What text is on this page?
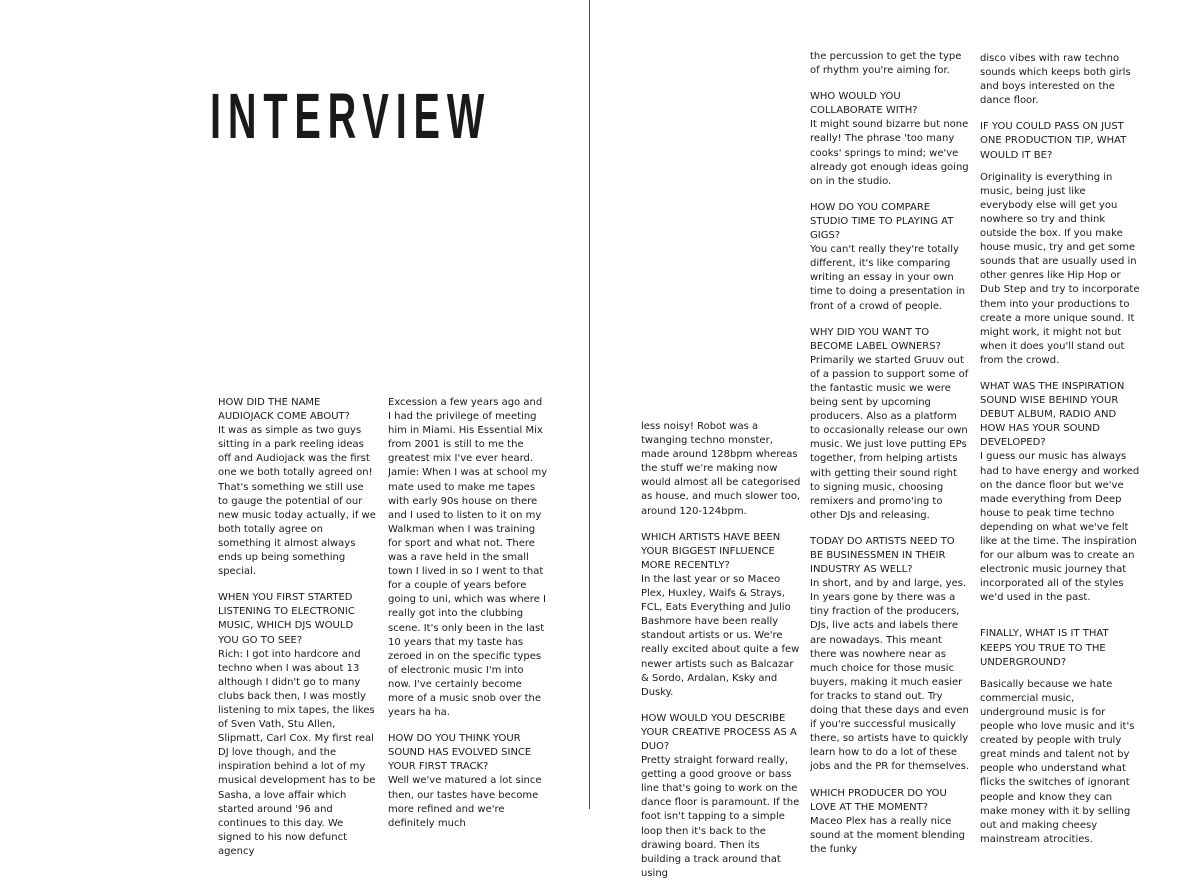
INTERVIEW

HOW DID THE NAME AUDIOJACK COME ABOUT?

It was as simple as two guys sitting in a park reeling ideas off and Audiojack was the first one we both totally agreed on! That's something we still use to gauge the potential of our new music today actually, if we both totally agree on something it almost always ends up being something special.

WHEN YOU FIRST STARTED LISTENING TO ELECTRONIC MUSIC, WHICH DJS WOULD YOU GO TO SEE?

Rich: I got into hardcore and techno when I was about 13 although I didn't go to many clubs back then, I was mostly listening to mix tapes, the likes of Sven Vath, Stu Allen, Slipmatt, Carl Cox. My first real DJ love though, and the inspiration behind a lot of my musical development has to be Sasha, a love affair which started around '96 and continues to this day. We signed to his now defunct agency

Excession a few years ago and I had the privilege of meeting him in Miami. His Essential Mix from 2001 is still to me the greatest mix I've ever heard.

Jamie: When I was at school my mate used to make me tapes with early 90s house on there and I used to listen to it on my Walkman when I was training for sport and what not. There was a rave held in the small town I lived in so I went to that for a couple of years before going to uni, which was where I really got into the clubbing scene. It's only been in the last 10 years that my taste has zeroed in on the specific types of electronic music I'm into now. I've certainly become more of a music snob over the years ha ha.

HOW DO YOU THINK YOUR SOUND HAS EVOLVED SINCE YOUR FIRST TRACK?

Well we've matured a lot since then, our tastes have become more refined and we're definitely much

less noisy! Robot was a twanging techno monster, made around 128bpm whereas the stuff we're making now would almost all be categorised as house, and much slower too, around 120-124bpm.

WHICH ARTISTS HAVE BEEN YOUR BIGGEST INFLUENCE MORE RECENTLY?

In the last year or so Maceo Plex, Huxley, Waifs & Strays, FCL, Eats Everything and Julio Bashmore have been really standout artists or us. We're really excited about quite a few newer artists such as Balcazar & Sordo, Ardalan, Ksky and Dusky.

HOW WOULD YOU DESCRIBE YOUR CREATIVE PROCESS AS A DUO?

Pretty straight forward really, getting a good groove or bass line that's going to work on the dance floor is paramount. If the foot isn't tapping to a simple loop then it's back to the drawing board. Then its building a track around that using

the percussion to get the type of rhythm you're aiming for.

WHO WOULD YOU COLLABORATE WITH?

It might sound bizarre but none really! The phrase 'too many cooks' springs to mind; we've already got enough ideas going on in the studio.

HOW DO YOU COMPARE STUDIO TIME TO PLAYING AT GIGS?

You can't really they're totally different, it's like comparing writing an essay in your own time to doing a presentation in front of a crowd of people.

WHY DID YOU WANT TO BECOME LABEL OWNERS?

Primarily we started Gruuv out of a passion to support some of the fantastic music we were being sent by upcoming producers. Also as a platform to occasionally release our own music. We just love putting EPs together, from helping artists with getting their sound right to signing music, choosing remixers and promo'ing to other DJs and releasing.

TODAY DO ARTISTS NEED TO BE BUSINESSMEN IN THEIR INDUSTRY AS WELL?

In short, and by and large, yes. In years gone by there was a tiny fraction of the producers, DJs, live acts and labels there are nowadays. This meant there was nowhere near as much choice for those music buyers, making it much easier for tracks to stand out. Try doing that these days and even if you're successful musically there, so artists have to quickly learn how to do a lot of these jobs and the PR for themselves.

WHICH PRODUCER DO YOU LOVE AT THE MOMENT?

Maceo Plex has a really nice sound at the moment blending the funky

disco vibes with raw techno sounds which keeps both girls and boys interested on the dance floor.

IF YOU COULD PASS ON JUST ONE PRODUCTION TIP, WHAT WOULD IT BE?

Originality is everything in music, being just like everybody else will get you nowhere so try and think outside the box. If you make house music, try and get some sounds that are usually used in other genres like Hip Hop or Dub Step and try to incorporate them into your productions to create a more unique sound. It might work, it might not but when it does you'll stand out from the crowd.

WHAT WAS THE INSPIRATION SOUND WISE BEHIND YOUR DEBUT ALBUM, RADIO AND HOW HAS YOUR SOUND DEVELOPED?

I guess our music has always had to have energy and worked on the dance floor but we've made everything from Deep house to peak time techno depending on what we've felt like at the time. The inspiration for our album was to create an electronic music journey that incorporated all of the styles we'd used in the past.

FINALLY, WHAT IS IT THAT KEEPS YOU TRUE TO THE UNDERGROUND?

Basically because we hate commercial music, underground music is for people who love music and it's created by people with truly great minds and talent not by people who understand what flicks the switches of ignorant people and know they can make money with it by selling out and making cheesy mainstream atrocities.
